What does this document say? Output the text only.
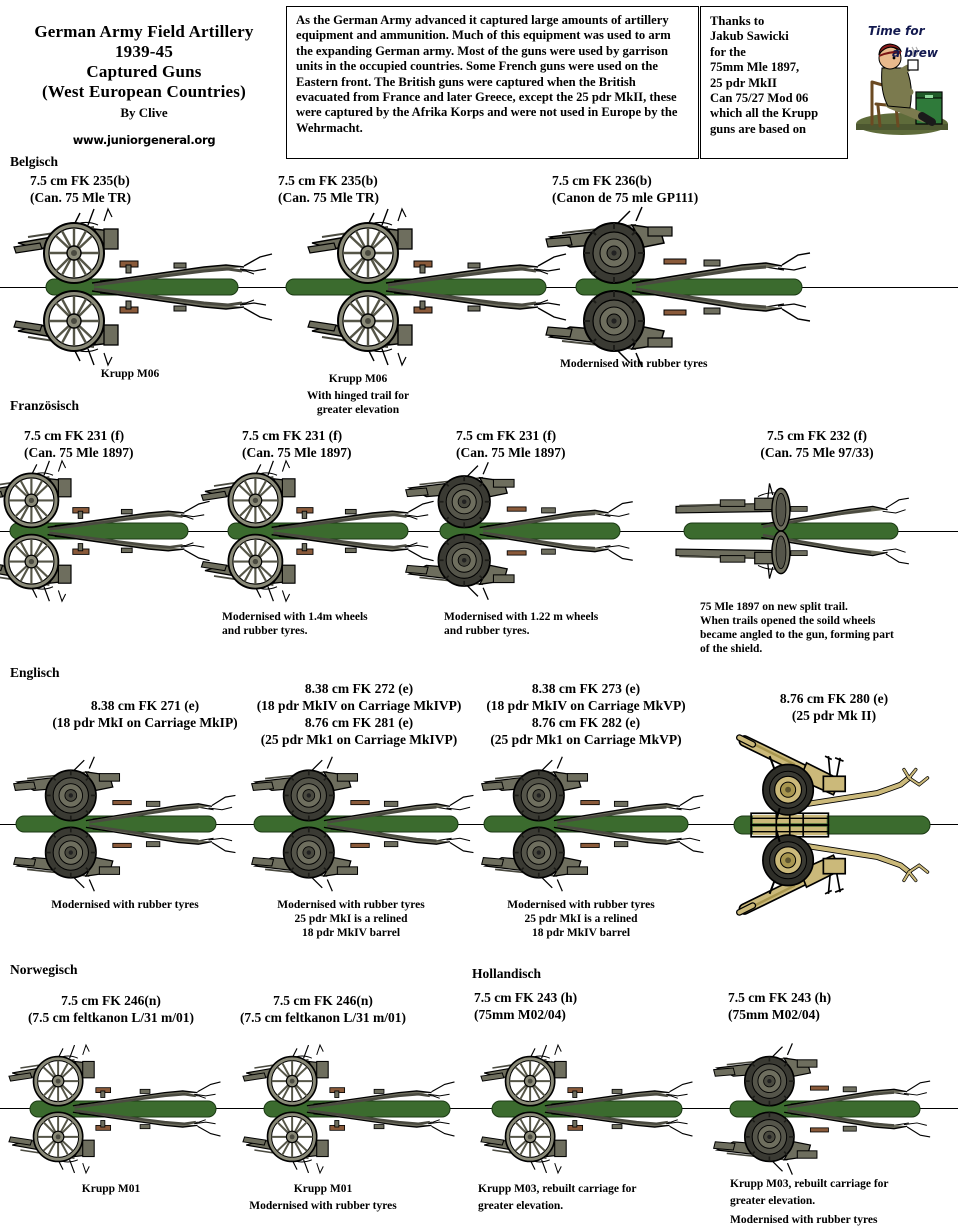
German Army Field Artillery
1939-45
Captured Guns
(West European Countries)
By Clive
www.juniorgeneral.org

As the German Army advanced it captured large amounts of artillery equipment and ammunition. Much of this equipment was used to arm the expanding German army. Most of the guns were used by garrison units in the occupied countries. Some French guns were used on the Eastern front. The British guns were captured when the British evacuated from France and later Greece, except the 25 pdr MkII, these were captured by the Afrika Korps and were not used in Europe by the Wehrmacht.

Thanks to
Jakub Sawicki
for the
75mm Mle 1897,
25 pdr MkII
Can 75/27 Mod 06
which all the Krupp
guns are based on
Time for
a brew
Belgisch
7.5 cm FK 235(b)
(Can. 75 Mle TR)
7.5 cm FK 235(b)
(Can. 75 Mle TR)
7.5 cm FK 236(b)
(Canon de 75 mle GP111)
Krupp M06	Krupp M06
With hinged trail for
greater elevation
Modernised with rubber tyres
Französisch
7.5 cm FK 231 (f)
(Can. 75 Mle 1897)
7.5 cm FK 231 (f)
(Can. 75 Mle 1897)
7.5 cm FK 231 (f)
(Can. 75 Mle 1897)
7.5 cm FK 232 (f)
(Can. 75 Mle 97/33)
Modernised with 1.4m wheels
and rubber tyres.
Modernised with 1.22 m wheels
and rubber tyres.
75 Mle 1897 on new split trail.
When trails opened the soild wheels
became angled to the gun, forming part
of the shield.
Englisch
8.38 cm FK 271 (e)
(18 pdr MkI on Carriage MkIP)
8.38 cm FK 272 (e)
(18 pdr MkIV on Carriage MkIVP)
8.76 cm FK 281 (e)
(25 pdr Mk1 on Carriage MkIVP)
8.38 cm FK 273 (e)
(18 pdr MkIV on Carriage MkVP)
8.76 cm FK 282 (e)
(25 pdr Mk1 on Carriage MkVP)
8.76 cm FK 280 (e)
(25 pdr Mk II)
Modernised with rubber tyres	Modernised with rubber tyres
25 pdr MkI is a relined
18 pdr MkIV barrel
Modernised with rubber tyres
25 pdr MkI is a relined
18 pdr MkIV barrel
Norwegisch	Hollandisch
7.5 cm FK 246(n)
(7.5 cm feltkanon L/31 m/01)
7.5 cm FK 246(n)
(7.5 cm feltkanon L/31 m/01)
7.5 cm FK 243 (h)
(75mm M02/04)
7.5 cm FK 243 (h)
(75mm M02/04)
Krupp M01	Krupp M01
Modernised with rubber tyres
Krupp M03, rebuilt carriage for
greater elevation.
Krupp M03, rebuilt carriage for
greater elevation.
Modernised with rubber tyres
